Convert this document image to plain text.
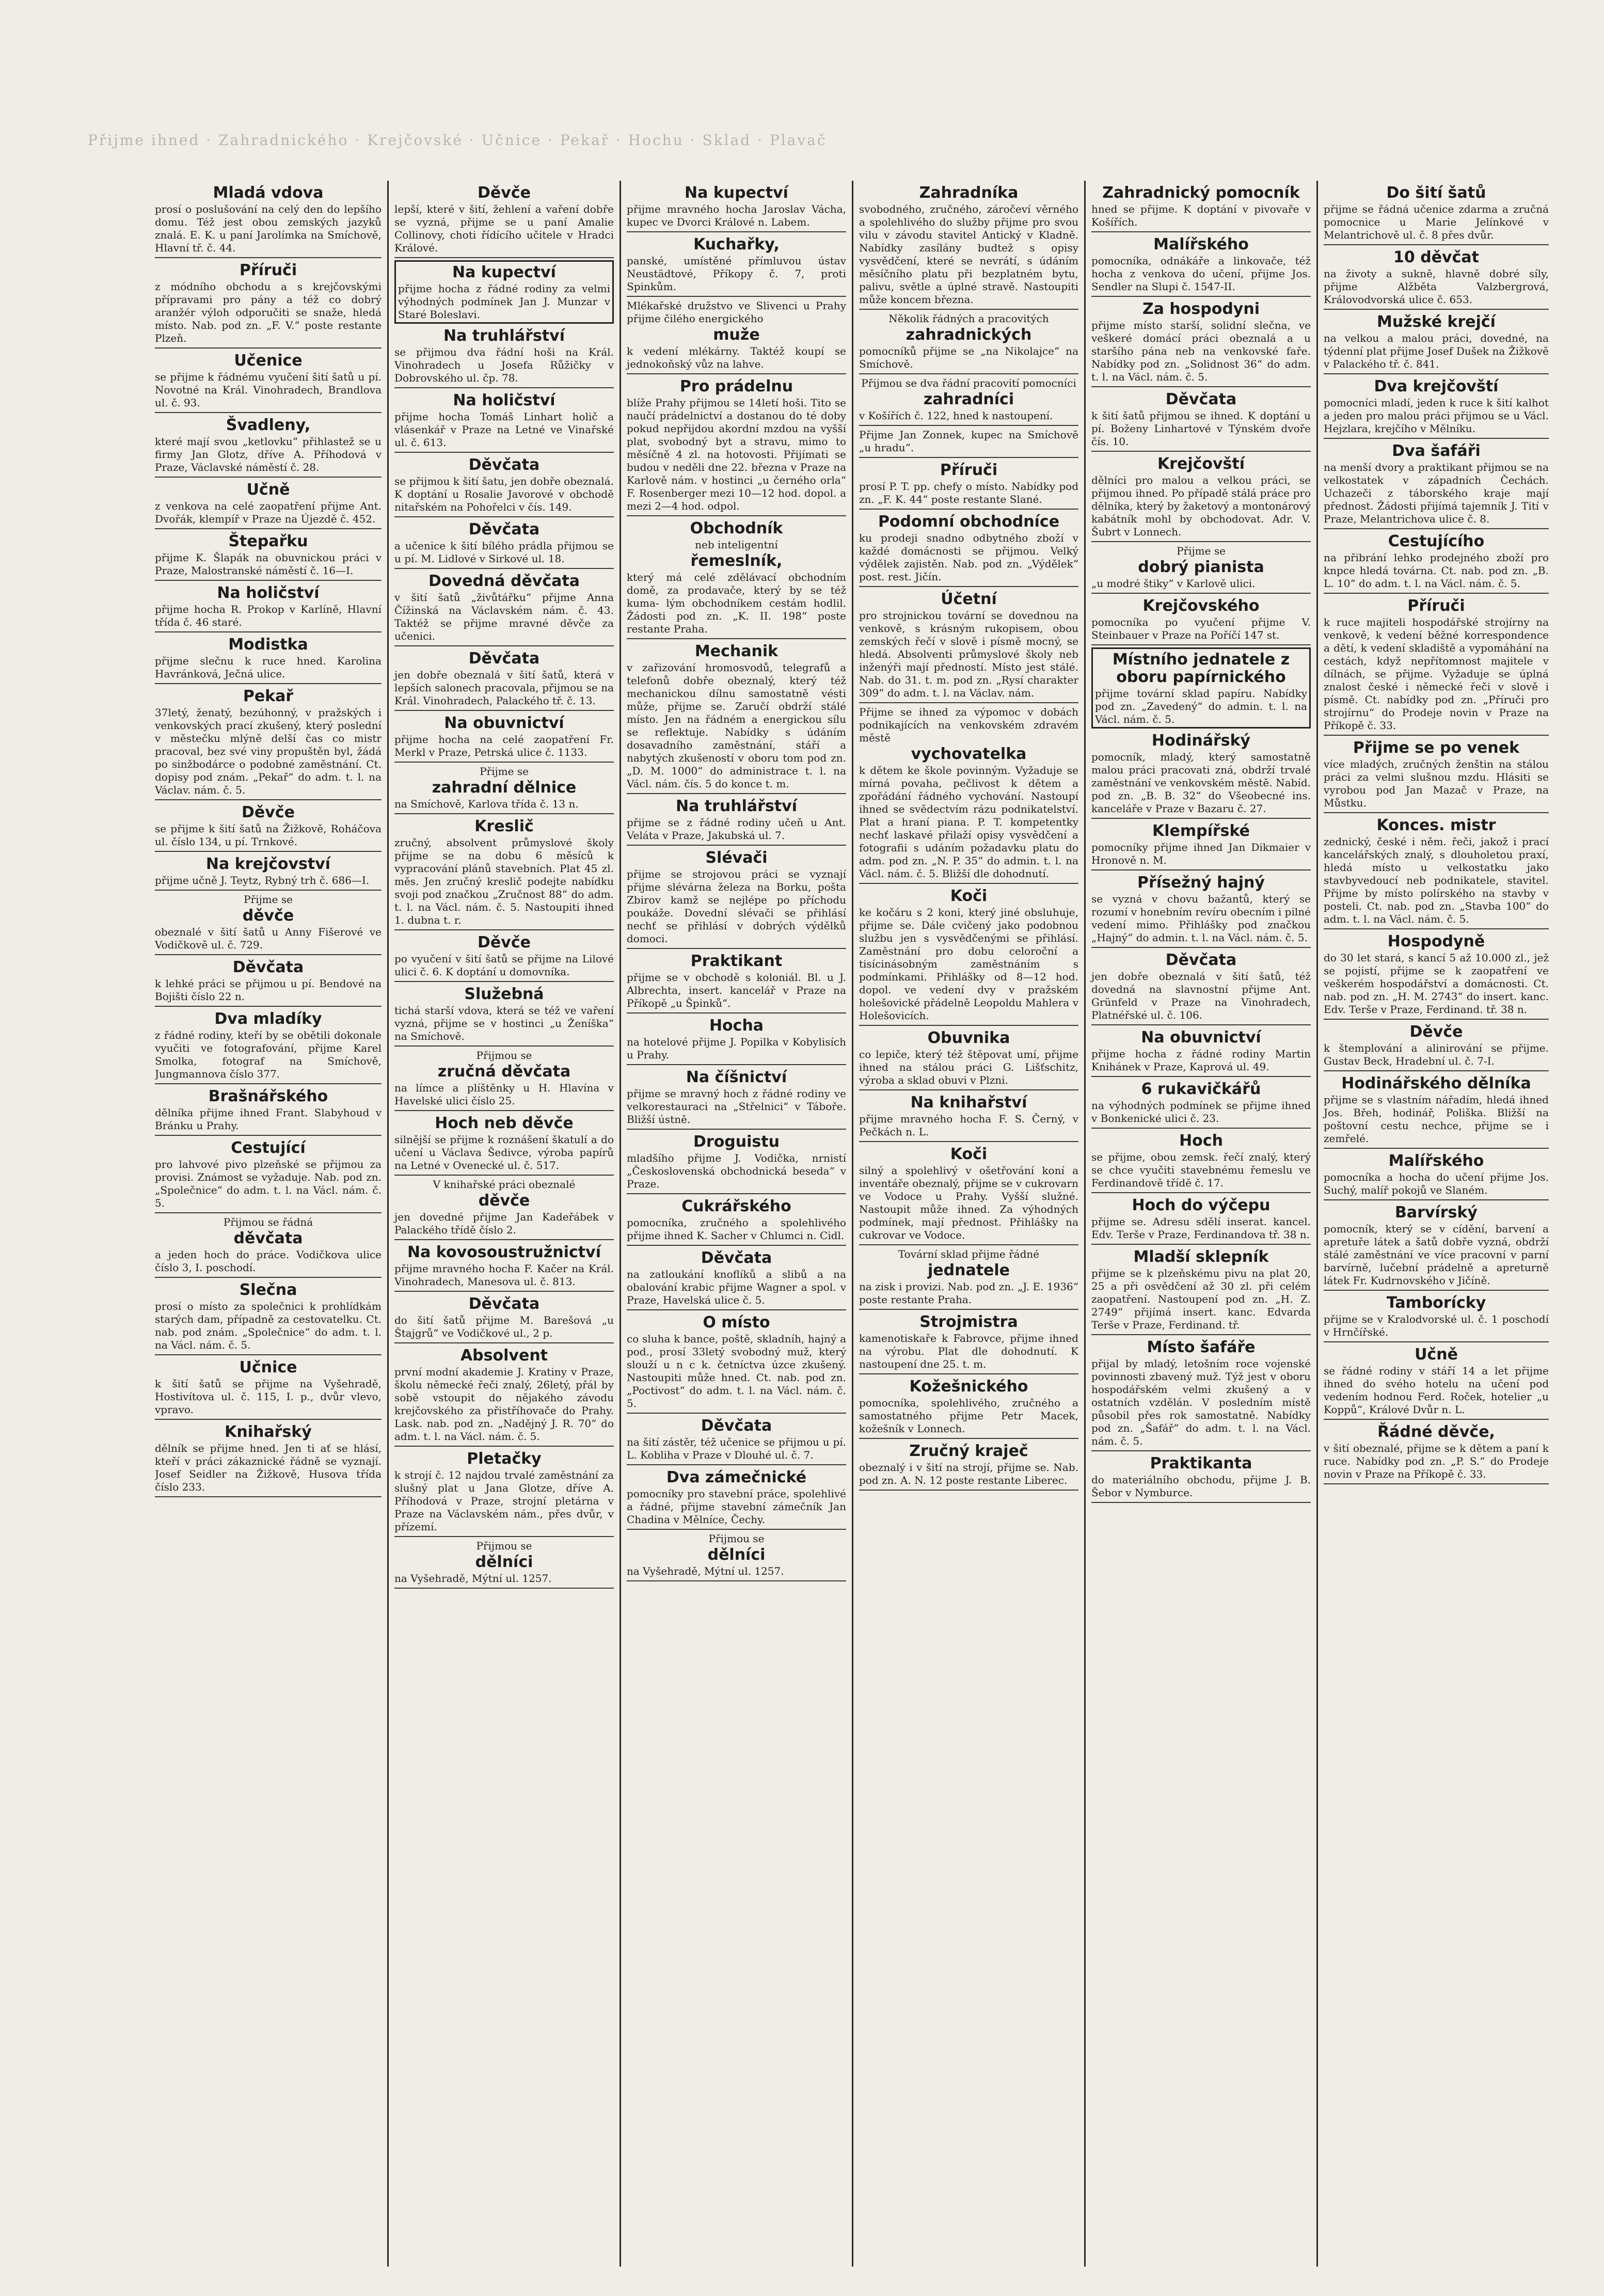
Přijme ihned · Zahradnického · Krejčovské · Učnice · Pekař · Hochu · Sklad · Plavač
Mladá vdova
prosí o poslušování na celý den do lepšího domu. Též jest obou zemských jazyků znalá. E. K. u paní Jarolímka na Smíchově, Hlavní tř. č. 44.
Příruči
z módního obchodu a s krejčovskými přípravami pro pány a též co dobrý aranžér výloh odporučiti se snaže, hledá místo. Nab. pod zn. „F. V.“ poste restante Plzeň.
Učenice
se přijme k řádnému vyučení šití šatů u pí. Novotné na Král. Vinohradech, Brandlova ul. č. 93.
Švadleny,
které mají svou „ketlovku“ přihlastež se u firmy Jan Glotz, dříve A. Příhodová v Praze, Václavské náměstí č. 28.
Učně
z venkova na celé zaopatření přijme Ant. Dvořák, klempíř v Praze na Újezdě č. 452.
Štepařku
přijme K. Šlapák na obuvnickou práci v Praze, Malostranské náměstí č. 16—I.
Na holičství
přijme hocha R. Prokop v Karlíně, Hlavní třída č. 46 staré.
Modistka
přijme slečnu k ruce hned. Karolina Havránková, Ječná ulice.
Pekař
37letý, ženatý, bezúhonný, v pražských i venkovských prací zkušený, který poslední v městečku mlýně delší čas co mistr pracoval, bez své viny propuštěn byl, žádá po sinžbodárce o podobné zaměstnání. Ct. dopisy pod znám. „Pekař“ do adm. t. l. na Václav. nám. č. 5.
Děvče
se přijme k šití šatů na Žižkově, Roháčova ul. číslo 134, u pí. Trnkové.
Na krejčovství
přijme učně J. Teytz, Rybný trh č. 686—I.
Přijme se
děvče
obeznalé v šití šatů u Anny Fišerové ve Vodičkově ul. č. 729.
Děvčata
k lehké práci se přijmou u pí. Bendové na Bojišti číslo 22 n.
Dva mladíky
z řádné rodiny, kteří by se obětili dokonale vyučiti ve fotografování, přijme Karel Smolka, fotograf na Smíchově, Jungmannova číslo 377.
Brašnářského
dělníka přijme ihned Frant. Slabyhoud v Bránku u Prahy.
Cestující
pro lahvové pivo plzeňské se přijmou za provisi. Známost se vyžaduje. Nab. pod zn. „Společnice“ do adm. t. l. na Václ. nám. č. 5.
Přijmou se řádná
děvčata
a jeden hoch do práce. Vodičkova ulice číslo 3, I. poschodí.
Slečna
prosí o místo za společnici k prohlídkám starých dam, případně za cestovatelku. Ct. nab. pod znám. „Společnice“ do adm. t. l. na Václ. nám. č. 5.
Učnice
k šití šatů se přijme na Vyšehradě, Hostivítova ul. č. 115, I. p., dvůr vlevo, vpravo.
Knihařský
dělník se přijme hned. Jen ti ať se hlásí, kteří v práci zákaznické řádně se vyznají. Josef Seidler na Žižkově, Husova třída číslo 233.
Děvče
lepší, které v šití, žehlení a vaření dobře se vyzná, přijme se u paní Amalie Collinovy, choti řídícího učitele v Hradci Králové.
Na kupectví
přijme hocha z řádné rodiny za velmi výhodných podmínek Jan J. Munzar v Staré Boleslavi.
Na truhlářství
se přijmou dva řádní hoši na Král. Vinohradech u Josefa Růžičky v Dobrovského ul. čp. 78.
Na holičství
přijme hocha Tomáš Linhart holič a vlásenkář v Praze na Letné ve Vinařské ul. č. 613.
Děvčata
se přijmou k šití šatu, jen dobře obeznalá. K doptání u Rosalie Javorové v obchodě nitařském na Pohořelci v čís. 149.
Děvčata
a učenice k šití bílého prádla přijmou se u pí. M. Lidlové v Sirkové ul. 18.
Dovedná děvčata
v šití šatů „živůtářku“ přijme Anna Čížinská na Václavském nám. č. 43. Taktéž se přijme mravné děvče za učenici.
Děvčata
jen dobře obeznalá v šití šatů, která v lepších salonech pracovala, přijmou se na Král. Vinohradech, Palackého tř. č. 13.
Na obuvnictví
přijme hocha na celé zaopatření Fr. Merkl v Praze, Petrská ulice č. 1133.
Přijme se
zahradní dělnice
na Smíchově, Karlova třída č. 13 n.
Kreslič
zručný, absolvent průmyslové školy přijme se na dobu 6 měsíců k vypracování plánů stavebních. Plat 45 zl. měs. Jen zručný kreslič podejte nabídku svoji pod značkou „Zručnost 88“ do adm. t. l. na Václ. nám. č. 5. Nastoupiti ihned 1. dubna t. r.
Děvče
po vyučení v šití šatů se přijme na Lilové ulici č. 6. K doptání u domovníka.
Služebná
tichá starší vdova, která se též ve vaření vyzná, přijme se v hostinci „u Ženíška“ na Smíchově.
Přijmou se
zručná děvčata
na límce a plíštěnky u H. Hlavína v Havelské ulici číslo 25.
Hoch neb děvče
silnější se přijme k roznášení škatulí a do učení u Václava Šedivce, výroba papírů na Letné v Ovenecké ul. č. 517.
V knihařské práci obeznalé
děvče
jen dovedné přijme Jan Kadeřábek v Palackého třídě číslo 2.
Na kovosoustružnictví
přijme mravného hocha F. Kačer na Král. Vinohradech, Manesova ul. č. 813.
Děvčata
do šití šatů přijme M. Barešová „u Štajgrů“ ve Vodičkové ul., 2 p.
Absolvent
první modní akademie J. Kratiny v Praze, školu německé řeči znalý, 26letý, přál by sobě vstoupit do nějakého závodu krejčovského za přistříhovače do Prahy. Lask. nab. pod zn. „Nadějný J. R. 70“ do adm. t. l. na Václ. nám. č. 5.
Pletačky
k strojí č. 12 najdou trvalé zaměstnání za slušný plat u Jana Glotze, dříve A. Příhodová v Praze, strojní pletárna v Praze na Václavském nám., přes dvůr, v přízemí.
Přijmou se
dělníci
na Vyšehradě, Mýtní ul. 1257.
Na kupectví
přijme mravného hocha Jaroslav Vácha, kupec ve Dvorci Králové n. Labem.
Kuchařky,
panské, umístěné přímluvou ústav Neustädtové, Příkopy č. 7, proti Spinkům.
Mlékařské družstvo ve Slivenci u Prahy přijme čilého energického
muže
k vedení mlékárny. Taktéž koupí se jednokoňský vůz na lahve.
Pro prádelnu
blíže Prahy přijmou se 14letí hoši. Tito se naučí prádelnictví a dostanou do té doby pokud nepřijdou akordní mzdou na vyšší plat, svobodný byt a stravu, mimo to měsíčně 4 zl. na hotovosti. Přijímati se budou v neděli dne 22. března v Praze na Karlově nám. v hostinci „u černého orla“ F. Rosenberger mezi 10—12 hod. dopol. a mezi 2—4 hod. odpol.
Obchodník
neb inteligentní
řemeslník,
který má celé zdělávací obchodním domě, za prodavače, který by se též kuma- lým obchodníkem cestám hodlil. Žádosti pod zn. „K. II. 198“ poste restante Praha.
Mechanik
v zařizování hromosvodů, telegrafů a telefonů dobře obeznalý, který též mechanickou dílnu samostatně vésti může, přijme se. Zaručí obdrží stálé místo. Jen na řádném a energickou sílu se reflektuje. Nabídky s údáním dosavadního zaměstnání, stáří a nabytých zkušeností v oboru tom pod zn. „D. M. 1000“ do administrace t. l. na Václ. nám. čís. 5 do konce t. m.
Na truhlářství
přijme se z řádné rodiny učeň u Ant. Veláta v Praze, Jakubská ul. 7.
Slévači
přijme se strojovou práci se vyznají přijme slévárna železa na Borku, pošta Zbirov kamž se nejlépe po příchodu poukáže. Dovední slévači se přihlásí nechť se přihlásí v dobrých výdělků domoci.
Praktikant
přijme se v obchodě s koloniál. Bl. u J. Albrechta, insert. kancelář v Praze na Příkopě „u Špinků“.
Hocha
na hotelové přijme J. Popilka v Kobylisích u Prahy.
Na číšnictví
přijme se mravný hoch z řádné rodiny ve velkorestauraci na „Střelnici“ v Táboře. Bližší ústně.
Droguistu
mladšího přijme J. Vodička, nrnistí „Československá obchodnická beseda“ v Praze.
Cukrářského
pomocníka, zručného a spolehlivého přijme ihned K. Sacher v Chlumci n. Cidl.
Děvčata
na zatloukání knoflíků a slibů a na obalování krabic přijme Wagner a spol. v Praze, Havelská ulice č. 5.
O místo
co sluha k bance, poště, skladníh, hajný a pod., prosí 33letý svobodný muž, který slouží u n c k. četníctva úzce zkušený. Nastoupiti může hned. Ct. nab. pod zn. „Poctivost“ do adm. t. l. na Václ. nám. č. 5.
Děvčata
na šití zástěr, též učenice se přijmou u pí. L. Kobliha v Praze v Dlouhé ul. č. 7.
Dva zámečnické
pomocníky pro stavební práce, spolehlivé a řádné, přijme stavební zámečník Jan Chadina v Mělníce, Čechy.
Přijmou se
dělníci
na Vyšehradě, Mýtní ul. 1257.
Zahradníka
svobodného, zručného, záročeví věrného a spolehlivého do služby přijme pro svou vilu v závodu stavitel Antický v Kladně. Nabídky zasílány budtež s opisy vysvědčení, které se nevrátí, s údáním měsíčního platu při bezplatném bytu, palivu, světle a úplné stravě. Nastoupiti může koncem března.
Několik řádných a pracovitých
zahradnických
pomocníků přijme se „na Nikolajce“ na Smíchově.
Přijmou se dva řádní pracovití pomocníci
zahradníci
v Košířích č. 122, hned k nastoupení.
Přijme Jan Zonnek, kupec na Smíchově „u hradu“.
Příruči
prosí P. T. pp. chefy o místo. Nabídky pod zn. „F. K. 44“ poste restante Slané.
Podomní obchodníce
ku prodeji snadno odbytného zboží v každé domácnosti se přijmou. Velký výdělek zajistěn. Nab. pod zn. „Výdělek“ post. rest. Jičín.
Účetní
pro strojnickou tovární se dovednou na venkově, s krásným rukopisem, obou zemských řečí v slově i písmě mocný, se hledá. Absolventi průmyslové školy neb inženýři mají předností. Místo jest stálé. Nab. do 31. t. m. pod zn. „Rysí charakter 309“ do adm. t. l. na Václav. nám.
Přijme se ihned za výpomoc v dobách podnikajících na venkovském zdravém městě
vychovatelka
k dětem ke škole povinným. Vyžaduje se mírná povaha, pečlivost k dětem a zpořádání řádného vychování. Nastoupí ihned se svědectvím rázu podnikatelství. Plat a hraní piana. P. T. kompetentky nechť laskavé přilaží opisy vysvědčení a fotografii s udáním požadavku platu do adm. pod zn. „N. P. 35“ do admin. t. l. na Václ. nám. č. 5. Bližší dle dohodnutí.
Koči
ke kočáru s 2 koni, který jiné obsluhuje, přijme se. Dále cvičený jako podobnou službu jen s vysvědčenými se přihlásí. Zaměstnání pro dobu celoroční a tisícinásobným zaměstnáním s podmínkami. Přihlášky od 8—12 hod. dopol. ve vedení dvy v pražském holešovické přádelně Leopoldu Mahlera v Holešovicích.
Obuvnika
co lepiče, který též štěpovat umí, přijme ihned na stálou práci G. Lišťschitz, výroba a sklad obuvi v Plzni.
Na knihařství
přijme mravného hocha F. S. Černý, v Pečkách n. L.
Koči
silný a spolehlivý v ošetřování koní a inventáře obeznalý, přijme se v cukrovarn ve Vodoce u Prahy. Vyšší služné. Nastoupit může ihned. Za výhodných podmínek, mají přednost. Přihlášky na cukrovar ve Vodoce.
Tovární sklad přijme řádné
jednatele
na zisk i provizi. Nab. pod zn. „J. E. 1936“ poste restante Praha.
Strojmistra
kamenotiskaře k Fabrovce, přijme ihned na výrobu. Plat dle dohodnutí. K nastoupení dne 25. t. m.
Kožešnického
pomocníka, spolehlivého, zručného a samostatného přijme Petr Macek, kožešník v Lonnech.
Zručný kraječ
obeznalý i v šití na strojí, přijme se. Nab. pod zn. A. N. 12 poste restante Liberec.
Zahradnický pomocník
hned se přijme. K doptání v pivovaře v Košířích.
Malířského
pomocníka, odnákáře a linkovače, též hocha z venkova do učení, přijme Jos. Sendler na Slupi č. 1547-II.
Za hospodyni
přijme místo starší, solidní slečna, ve veškeré domácí práci obeznalá a u staršího pána neb na venkovské faře. Nabídky pod zn. „Solidnost 36“ do adm. t. l. na Václ. nám. č. 5.
Děvčata
k šití šatů přijmou se ihned. K doptání u pí. Boženy Linhartové v Týnském dvoře čís. 10.
Krejčovští
dělníci pro malou a velkou práci, se přijmou ihned. Po případě stálá práce pro dělníka, který by žaketový a montonárový kabátník mohl by obchodovat. Adr. V. Šubrt v Lonnech.
Přijme se
dobrý pianista
„u modré štiky“ v Karlově ulici.
Krejčovského
pomocníka po vyučení přijme V. Steinbauer v Praze na Poříčí 147 st.
Místního jednatele z oboru papírnického
přijme tovární sklad papíru. Nabídky pod zn. „Zavedený“ do admin. t. l. na Václ. nám. č. 5.
Hodinářský
pomocník, mladý, který samostatně malou práci pracovati zná, obdrží trvalé zaměstnání ve venkovském městě. Nabíd. pod zn. „B. B. 32“ do Všeobecné ins. kanceláře v Praze v Bazaru č. 27.
Klempířské
pomocníky přijme ihned Jan Dikmaier v Hronově n. M.
Přísežný hajný
se vyzná v chovu bažantů, který se rozumí v honebním revíru obecním i pilné vedení mimo. Přihlášky pod značkou „Hajný“ do admin. t. l. na Václ. nám. č. 5.
Děvčata
jen dobře obeznalá v šití šatů, též dovedná na slavnostní přijme Ant. Grünfeld v Praze na Vinohradech, Platnéřské ul. č. 106.
Na obuvnictví
přijme hocha z řádné rodiny Martin Knihánek v Praze, Kaprová ul. 49.
6 rukavičkářů
na výhodných podmínek se přijme ihned v Bonkenické ulici č. 23.
Hoch
se přijme, obou zemsk. řečí znalý, který se chce vyučiti stavebnému řemeslu ve Ferdinandově třídě č. 17.
Hoch do výčepu
přijme se. Adresu sdělí inserat. kancel. Edv. Terše v Praze, Ferdinandova tř. 38 n.
Mladší sklepník
přijme se k plzeňskému pivu na plat 20, 25 a při osvědčení až 30 zl. při celém zaopatření. Nastoupení pod zn. „H. Z. 2749“ přijímá insert. kanc. Edvarda Terše v Praze, Ferdinand. tř.
Místo šafáře
přijal by mladý, letošním roce vojenské povinnosti zbavený muž. Týž jest v oboru hospodářském velmi zkušený a v ostatních vzdělán. V posledním místě působil přes rok samostatně. Nabídky pod zn. „Šafář“ do adm. t. l. na Václ. nám. č. 5.
Praktikanta
do materiálního obchodu, přijme J. B. Šebor v Nymburce.
Do šití šatů
přijme se řádná učenice zdarma a zručná pomocnice u Marie Jelínkové v Melantrichově ul. č. 8 přes dvůr.
10 děvčat
na životy a sukně, hlavně dobré síly, přijme Alžběta Valzbergrová, Královodvorská ulice č. 653.
Mužské krejčí
na velkou a malou práci, dovedné, na týdenní plat přijme Josef Dušek na Žižkově v Palackého tř. č. 841.
Dva krejčovští
pomocníci mladí, jeden k ruce k šití kalhot a jeden pro malou práci přijmou se u Václ. Hejzlara, krejčího v Mělníku.
Dva šafáři
na menší dvory a praktikant přijmou se na velkostatek v západních Čechách. Uchazeči z táborského kraje mají přednost. Žádosti přijímá tajemník J. Tití v Praze, Melantrichova ulice č. 8.
Cestujícího
na přibrání lehko prodejného zboží pro knpce hledá továrna. Ct. nab. pod zn. „B. L. 10“ do adm. t. l. na Václ. nám. č. 5.
Příruči
k ruce majiteli hospodářské strojírny na venkově, k vedení běžné korrespondence a dětí, k vedení skladiště a vypomáhání na cestách, když nepřítomnost majitele v dílnách, se přijme. Vyžaduje se úplná znalost české i německé řeči v slově i písmě. Ct. nabídky pod zn. „Příruči pro strojírnu“ do Prodeje novin v Praze na Příkopě č. 33.
Přijme se po venek
více mladých, zručných ženštin na stálou práci za velmi slušnou mzdu. Hlásiti se vyrobou pod Jan Mazač v Praze, na Můstku.
Konces. mistr
zednický, české i něm. řeči, jakož i prací kancelářských znalý, s dlouholetou praxí, hledá místo u velkostatku jako stavbyvedoucí neb podnikatele, stavitel. Přijme by místo polírského na stavby v posteli. Ct. nab. pod zn. „Stavba 100“ do adm. t. l. na Václ. nám. č. 5.
Hospodyně
do 30 let stará, s kancí 5 až 10.000 zl., jež se pojistí, přijme se k zaopatření ve veškerém hospodářství a domácnosti. Ct. nab. pod zn. „H. M. 2743“ do insert. kanc. Edv. Terše v Praze, Ferdinand. tř. 38 n.
Děvče
k štemplování a alinirování se přijme. Gustav Beck, Hradební ul. č. 7-I.
Hodinářského dělníka
přijme se s vlastním nářadím, hledá ihned Jos. Břeh, hodinář, Poliška. Bližší na poštovní cestu nechce, přijme se i zemřelé.
Malířského
pomocníka a hocha do učení přijme Jos. Suchý, malíř pokojů ve Slaném.
Barvírský
pomocník, který se v cídění, barvení a apretuře látek a šatů dobře vyzná, obdrží stálé zaměstnání ve více pracovní v parní barvírně, lučební prádelně a apreturně látek Fr. Kudrnovského v Jičíně.
Tamborícky
přijme se v Kralodvorské ul. č. 1 poschodí v Hrnčířské.
Učně
se řádné rodiny v stáří 14 a let přijme ihned do svého hotelu na učení pod vedením hodnou Ferd. Roček, hotelier „u Koppů“, Králové Dvůr n. L.
Řádné děvče,
v šití obeznalé, přijme se k dětem a paní k ruce. Nabídky pod zn. „P. S.“ do Prodeje novin v Praze na Příkopě č. 33.
